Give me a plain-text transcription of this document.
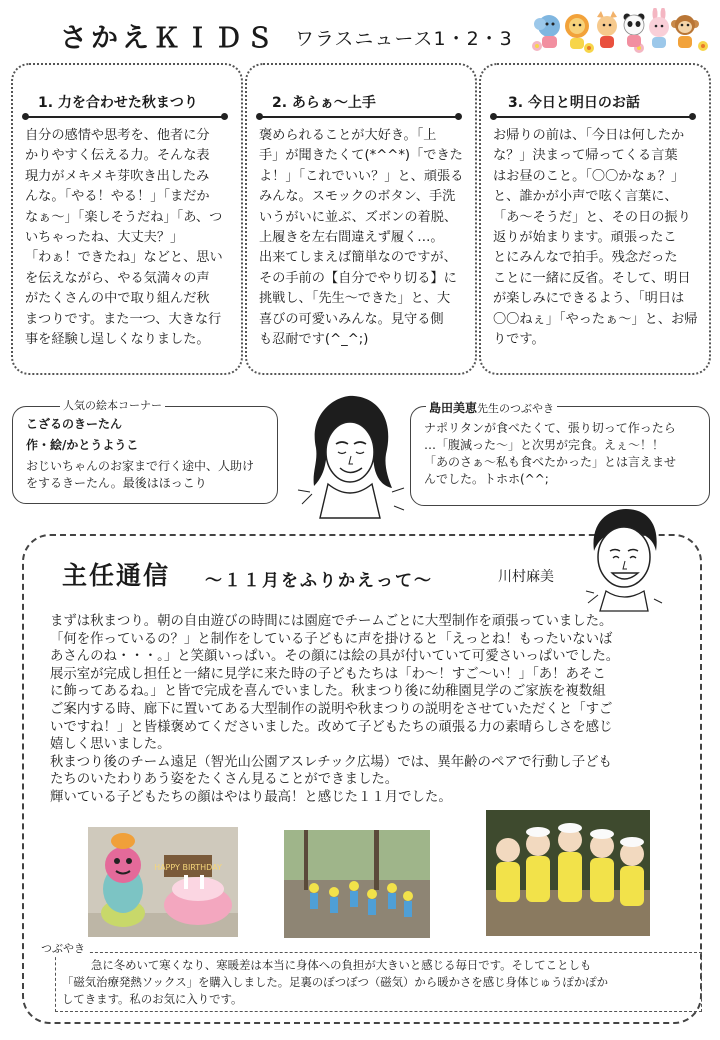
さかえＫＩＤＳ ワラスニュース1・2・3
1. 力を合わせた秋まつり
自分の感情や思考を、他者に分
かりやすく伝える力。そんな表
現力がメキメキ芽吹き出したみ
んな。「やる！やる！」「まだか
なぁ～」「楽しそうだね」「あ、つ
いちゃったね、大丈夫？」
「わぁ！できたね」などと、思い
を伝えながら、やる気満々の声
がたくさんの中で取り組んだ秋
まつりです。また一つ、大きな行
事を経験し逞しくなりました。
2. あらぁ～上手
褒められることが大好き。「上
手」が聞きたくて(*^^*)「できた
よ！」「これでいい？」と、頑張る
みんな。スモックのボタン、手洗
いうがいに並ぶ、ズボンの着脱、
上履きを左右間違えず履く…。
出来てしまえば簡単なのですが、
その手前の【自分でやり切る】に
挑戦し、「先生～できた」と、大
喜びの可愛いみんな。見守る側
も忍耐です(^_^;)
3. 今日と明日のお話
お帰りの前は、「今日は何したか
な？」決まって帰ってくる言葉
はお昼のこと。「〇〇かなぁ？」
と、誰かが小声で呟く言葉に、
「あ～そうだ」と、その日の振り
返りが始まります。頑張ったこ
とにみんなで拍手。残念だった
ことに一緒に反省。そして、明日
が楽しみにできるよう、「明日は
〇〇ねぇ」「やったぁ～」と、お帰
りです。
人気の絵本コーナー
こざるのきーたん
作・絵/かとうようこ
おじいちゃんのお家まで行く途中、人助け
をするきーたん。最後はほっこり
島田美恵先生のつぶやき
ナポリタンが食べたくて、張り切って作ったら
…「腹減った～」と次男が完食。えぇ～！！
「あのさぁ～私も食べたかった」とは言えませ
んでした。トホホ(^^;
主任通信 ～１１月をふりかえって～	川村麻美
まずは秋まつり。朝の自由遊びの時間には園庭でチームごとに大型制作を頑張っていました。
「何を作っているの？」と制作をしている子どもに声を掛けると「えっとね！もったいないば
あさんのね・・・。」と笑顔いっぱい。その顔には絵の具が付いていて可愛さいっぱいでした。
展示室が完成し担任と一緒に見学に来た時の子どもたちは「わ～！すご～い！」「あ！あそこ
に飾ってあるね。」と皆で完成を喜んでいました。秋まつり後に幼稚園見学のご家族を複数組
ご案内する時、廊下に置いてある大型制作の説明や秋まつりの説明をさせていただくと「すご
いですね！」と皆様褒めてくださいました。改めて子どもたちの頑張る力の素晴らしさを感じ
嬉しく思いました。
秋まつり後のチーム遠足（智光山公園アスレチック広場）では、異年齢のペアで行動し子ども
たちのいたわりあう姿をたくさん見ることができました。
輝いている子どもたちの顔はやはり最高！と感じた１１月でした。
HAPPY BIRTHDAY
つぶやき
急に冬めいて寒くなり、寒暖差は本当に身体への負担が大きいと感じる毎日です。そしてことしも
「磁気治療発熱ソックス」を購入しました。足裏のぼつぼつ（磁気）から暖かさを感じ身体じゅうぽかぽか
してきます。私のお気に入りです。
